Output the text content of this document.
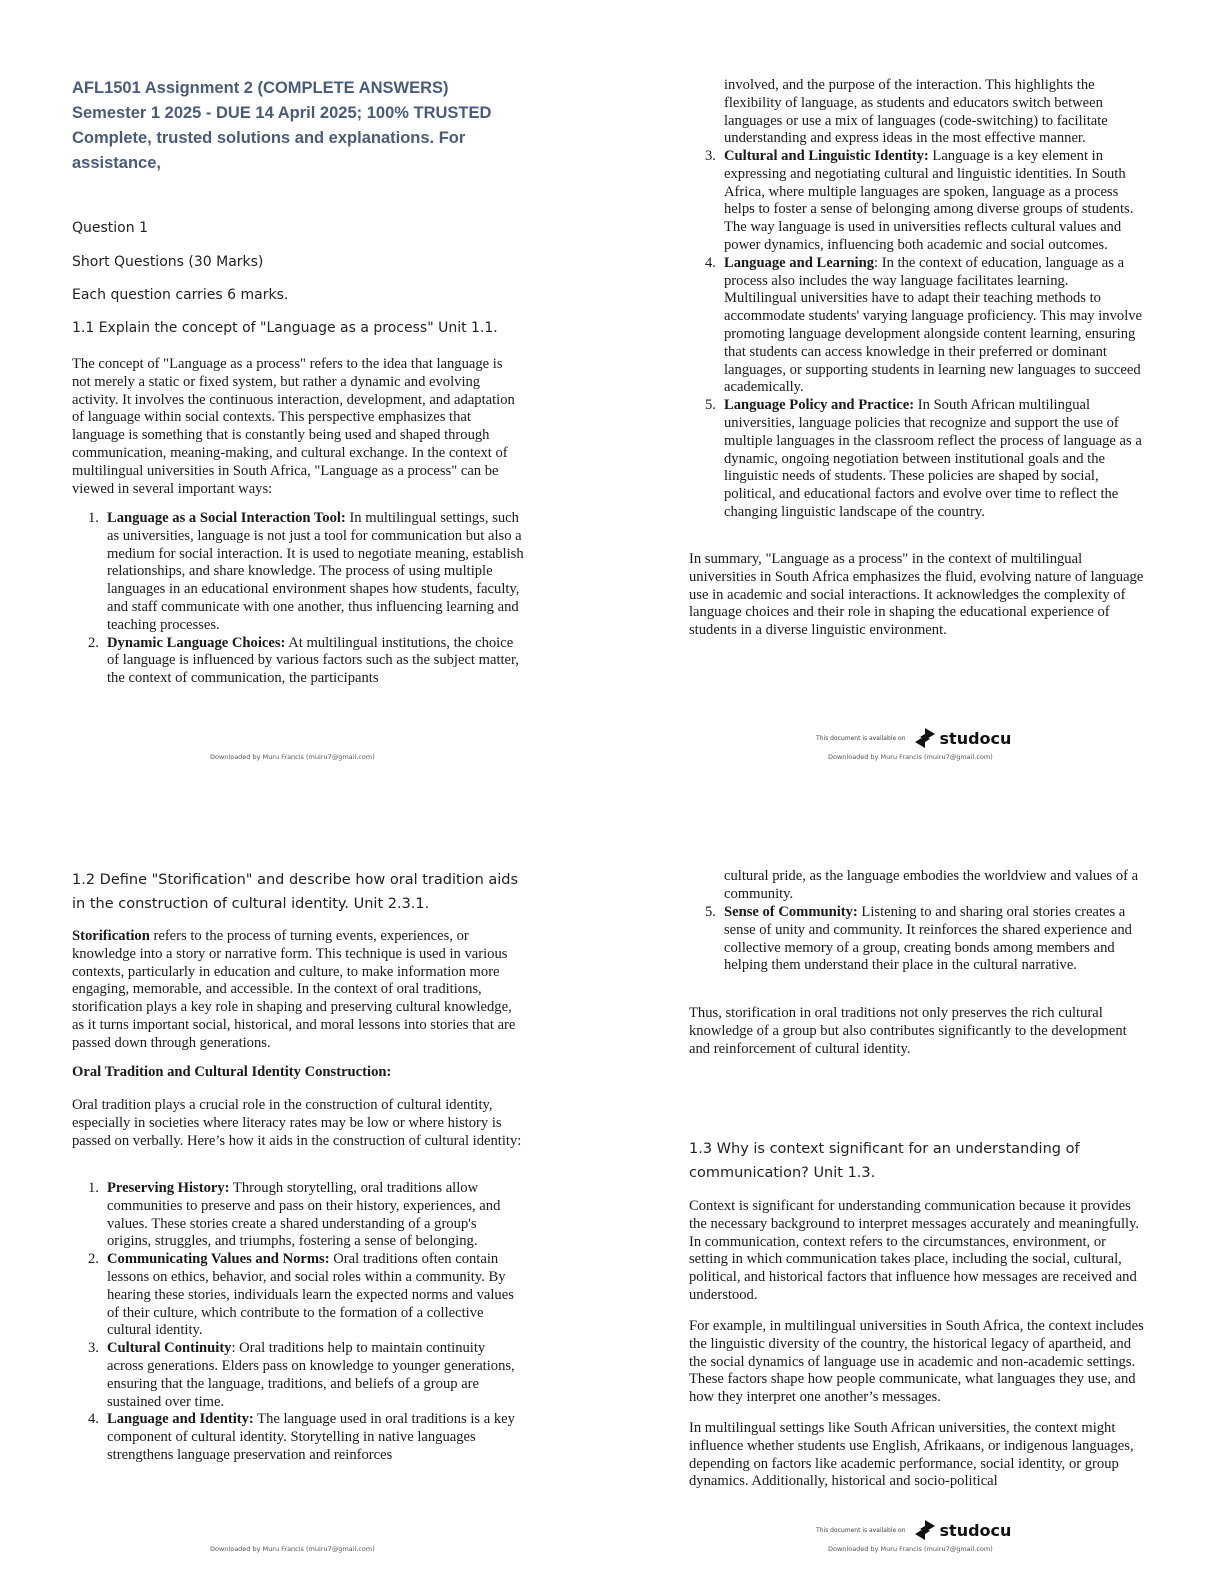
AFL1501 Assignment 2 (COMPLETE ANSWERS) Semester 1 2025 - DUE 14 April 2025; 100% TRUSTED Complete, trusted solutions and explanations. For assistance,
Question 1
Short Questions (30 Marks)
Each question carries 6 marks.
1.1 Explain the concept of "Language as a process" Unit 1.1.
The concept of "Language as a process" refers to the idea that language is not merely a static or fixed system, but rather a dynamic and evolving activity. It involves the continuous interaction, development, and adaptation of language within social contexts. This perspective emphasizes that language is something that is constantly being used and shaped through communication, meaning-making, and cultural exchange. In the context of multilingual universities in South Africa, "Language as a process" can be viewed in several important ways:
1. Language as a Social Interaction Tool: In multilingual settings, such as universities, language is not just a tool for communication but also a medium for social interaction. It is used to negotiate meaning, establish relationships, and share knowledge. The process of using multiple languages in an educational environment shapes how students, faculty, and staff communicate with one another, thus influencing learning and teaching processes.
2. Dynamic Language Choices: At multilingual institutions, the choice of language is influenced by various factors such as the subject matter, the context of communication, the participants
Downloaded by Muru Francis (muiru7@gmail.com)
involved, and the purpose of the interaction. This highlights the flexibility of language, as students and educators switch between languages or use a mix of languages (code-switching) to facilitate understanding and express ideas in the most effective manner.
3. Cultural and Linguistic Identity: Language is a key element in expressing and negotiating cultural and linguistic identities. In South Africa, where multiple languages are spoken, language as a process helps to foster a sense of belonging among diverse groups of students. The way language is used in universities reflects cultural values and power dynamics, influencing both academic and social outcomes.
4. Language and Learning: In the context of education, language as a process also includes the way language facilitates learning. Multilingual universities have to adapt their teaching methods to accommodate students' varying language proficiency. This may involve promoting language development alongside content learning, ensuring that students can access knowledge in their preferred or dominant languages, or supporting students in learning new languages to succeed academically.
5. Language Policy and Practice: In South African multilingual universities, language policies that recognize and support the use of multiple languages in the classroom reflect the process of language as a dynamic, ongoing negotiation between institutional goals and the linguistic needs of students. These policies are shaped by social, political, and educational factors and evolve over time to reflect the changing linguistic landscape of the country.
In summary, "Language as a process" in the context of multilingual universities in South Africa emphasizes the fluid, evolving nature of language use in academic and social interactions. It acknowledges the complexity of language choices and their role in shaping the educational experience of students in a diverse linguistic environment.
This document is available on studocu
Downloaded by Muru Francis (muiru7@gmail.com)
1.2 Define "Storification" and describe how oral tradition aids in the construction of cultural identity. Unit 2.3.1.
Storification refers to the process of turning events, experiences, or knowledge into a story or narrative form. This technique is used in various contexts, particularly in education and culture, to make information more engaging, memorable, and accessible. In the context of oral traditions, storification plays a key role in shaping and preserving cultural knowledge, as it turns important social, historical, and moral lessons into stories that are passed down through generations.
Oral Tradition and Cultural Identity Construction:
Oral tradition plays a crucial role in the construction of cultural identity, especially in societies where literacy rates may be low or where history is passed on verbally. Here’s how it aids in the construction of cultural identity:
1. Preserving History: Through storytelling, oral traditions allow communities to preserve and pass on their history, experiences, and values. These stories create a shared understanding of a group's origins, struggles, and triumphs, fostering a sense of belonging.
2. Communicating Values and Norms: Oral traditions often contain lessons on ethics, behavior, and social roles within a community. By hearing these stories, individuals learn the expected norms and values of their culture, which contribute to the formation of a collective cultural identity.
3. Cultural Continuity: Oral traditions help to maintain continuity across generations. Elders pass on knowledge to younger generations, ensuring that the language, traditions, and beliefs of a group are sustained over time.
4. Language and Identity: The language used in oral traditions is a key component of cultural identity. Storytelling in native languages strengthens language preservation and reinforces
Downloaded by Muru Francis (muiru7@gmail.com)
cultural pride, as the language embodies the worldview and values of a community.
5. Sense of Community: Listening to and sharing oral stories creates a sense of unity and community. It reinforces the shared experience and collective memory of a group, creating bonds among members and helping them understand their place in the cultural narrative.
Thus, storification in oral traditions not only preserves the rich cultural knowledge of a group but also contributes significantly to the development and reinforcement of cultural identity.
1.3 Why is context significant for an understanding of communication? Unit 1.3.
Context is significant for understanding communication because it provides the necessary background to interpret messages accurately and meaningfully. In communication, context refers to the circumstances, environment, or setting in which communication takes place, including the social, cultural, political, and historical factors that influence how messages are received and understood.
For example, in multilingual universities in South Africa, the context includes the linguistic diversity of the country, the historical legacy of apartheid, and the social dynamics of language use in academic and non-academic settings. These factors shape how people communicate, what languages they use, and how they interpret one another’s messages.
In multilingual settings like South African universities, the context might influence whether students use English, Afrikaans, or indigenous languages, depending on factors like academic performance, social identity, or group dynamics. Additionally, historical and socio-political
This document is available on studocu
Downloaded by Muru Francis (muiru7@gmail.com)
